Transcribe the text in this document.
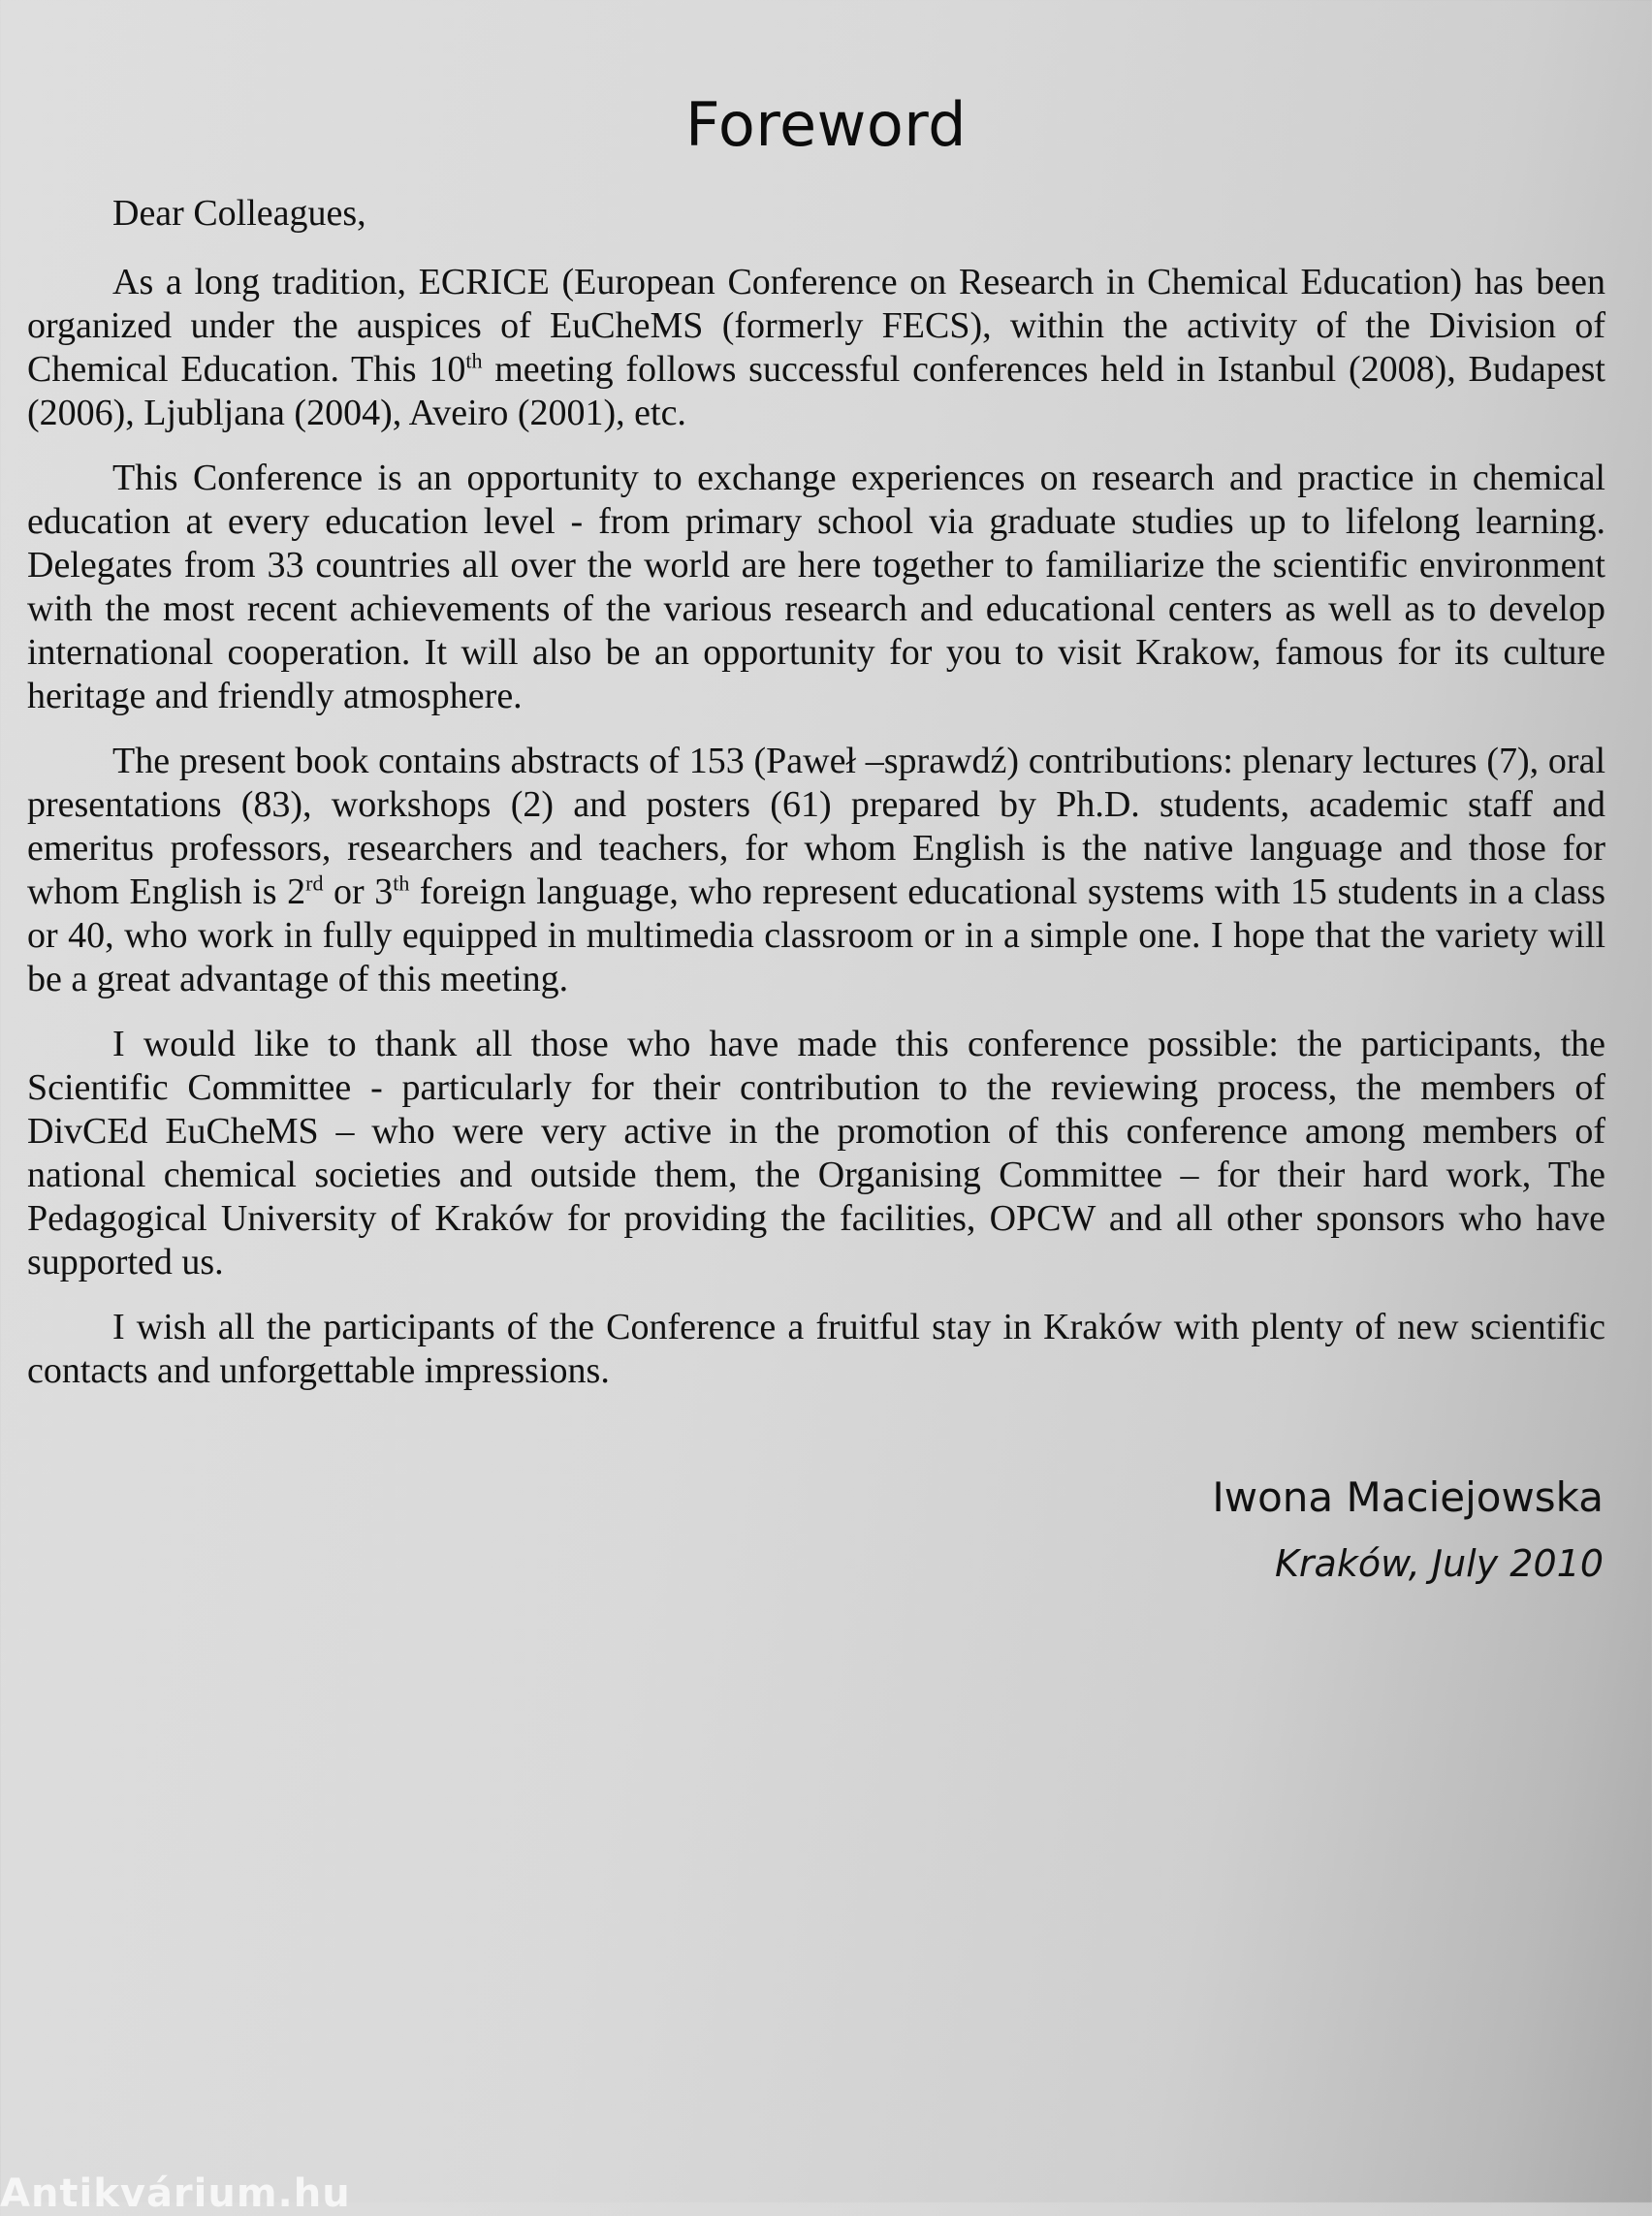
Foreword

Dear Colleagues,

As a long tradition, ECRICE (European Conference on Research in Chemical Education) has been organized under the auspices of EuCheMS (formerly FECS), within the activity of the Division of Chemical Education. This 10th meeting follows successful conferences held in Istanbul (2008), Budapest (2006), Ljubljana (2004), Aveiro (2001), etc.

This Conference is an opportunity to exchange experiences on research and practice in chemical education at every education level - from primary school via graduate studies up to lifelong learning. Delegates from 33 countries all over the world are here together to familiarize the scientific environment with the most recent achievements of the various research and educational centers as well as to develop international cooperation. It will also be an opportunity for you to visit Krakow, famous for its culture heritage and friendly atmosphere.

The present book contains abstracts of 153 (Paweł –sprawdź) contributions: plenary lectures (7), oral presentations (83), workshops (2) and posters (61) prepared by Ph.D. students, academic staff and emeritus professors, researchers and teachers, for whom English is the native language and those for whom English is 2rd or 3th foreign language, who represent educational systems with 15 students in a class or 40, who work in fully equipped in multimedia classroom or in a simple one. I hope that the variety will be a great advantage of this meeting.

I would like to thank all those who have made this conference possible: the participants, the Scientific Committee - particularly for their contribution to the reviewing process, the members of DivCEd EuCheMS – who were very active in the promotion of this conference among members of national chemical societies and outside them, the Organising Committee – for their hard work, The Pedagogical University of Kraków for providing the facilities, OPCW and all other sponsors who have supported us.

I wish all the participants of the Conference a fruitful stay in Kraków with plenty of new scientific contacts and unforgettable impressions.

Iwona Maciejowska

Kraków, July 2010

Antikvárium.hu
